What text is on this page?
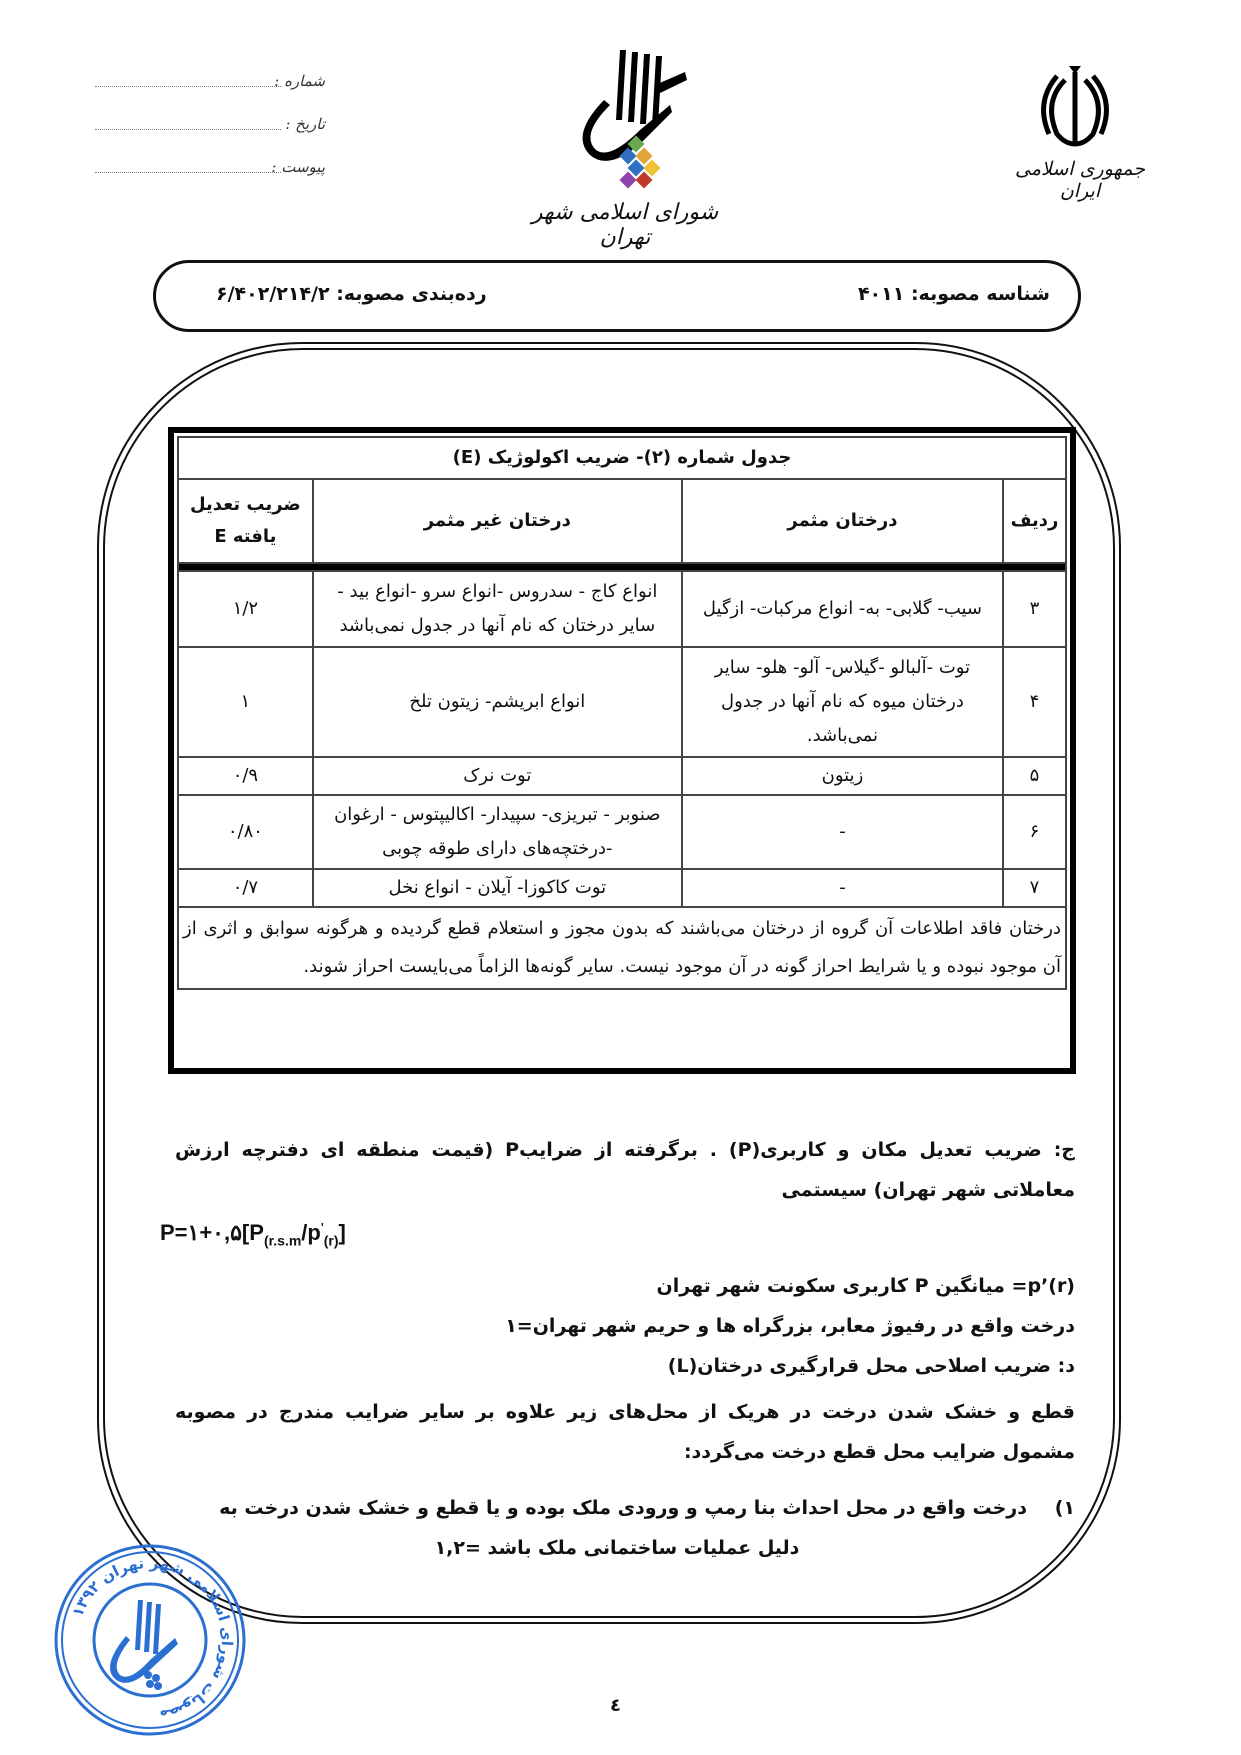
شماره :
تاریخ :
پیوست :
شورای اسلامی شهر تهران
جمهوری اسلامی ایران
شناسه مصوبه: ۴۰۱۱
رده‌بندی مصوبه: ۶/۴۰۲/۲۱۴/۲
جدول شماره (۲)- ضریب اکولوژیک (E)			
ردیف	درختان مثمر	درختان غیر مثمر	ضریب تعدیل یافته E

۳	سیب- گلابی- به- انواع مرکبات- ازگیل	انواع کاج - سدروس -انواع سرو -انواع بید - سایر درختان که نام آنها در جدول نمی‌باشد	۱/۲
۴	توت -آلبالو -گیلاس- آلو- هلو- سایر درختان میوه که نام آنها در جدول نمی‌باشد.	انواع ابریشم- زیتون تلخ	۱
۵	زیتون	توت نرک	۰/۹
۶	-	صنوبر - تبریزی- سپیدار- اکالیپتوس - ارغوان -درختچه‌های دارای طوقه چوبی	۰/۸۰
۷	-	توت کاکوزا- آیلان - انواع نخل	۰/۷
درختان فاقد اطلاعات آن گروه از درختان می‌باشند که بدون مجوز و استعلام قطع گردیده و هرگونه سوابق و اثری از آن موجود نبوده و یا شرایط احراز گونه در آن موجود نیست. سایر گونه‌ها الزاماً می‌بایست احراز شوند.			
ج: ضریب تعدیل مکان و کاربری(P) . برگرفته از ضرایبP (قیمت منطقه ای دفترچه ارزش معاملاتی شهر تهران) سیستمی
$P=۱+۰,۵[P_{(r.s.m}/p'_{(r)}]$
p’(r)= میانگین P کاربری سکونت شهر تهران
درخت واقع در رفیوژ معابر، بزرگراه ها و حریم شهر تهران=۱
د: ضریب اصلاحی محل قرارگیری درختان(L)
قطع و خشک شدن درخت در هریک از محل‌های زیر علاوه بر سایر ضرایب مندرج در مصوبه مشمول ضرایب محل قطع درخت می‌گردد:
۱)
درخت واقع در محل احداث بنا رمپ و ورودی ملک بوده و یا قطع و خشک شدن درخت به دلیل عملیات ساختمانی ملک باشد =۱,۲
مصوبات شورای اسلامی شهر تهران ۱۳۹۲	٤
